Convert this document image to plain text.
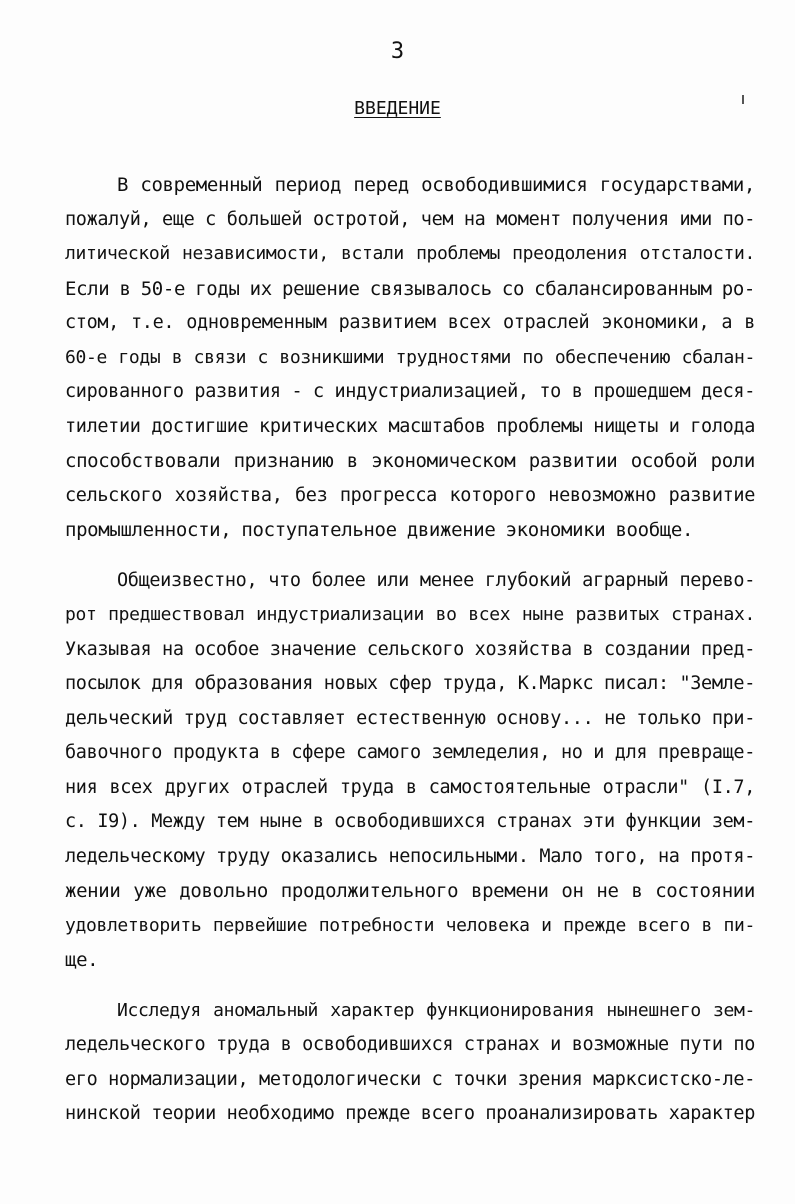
3
ВВЕДЕНИЕ
В современный период перед освободившимися государствами,
пожалуй, еще с большей остротой, чем на момент получения ими по-
литической независимости, встали проблемы преодоления отсталости.
Если в 50-е годы их решение связывалось со сбалансированным ро-
стом, т.е. одновременным развитием всех отраслей экономики, а в
60-е годы в связи с возникшими трудностями по обеспечению сбалан-
сированного развития - с индустриализацией, то в прошедшем деся-
тилетии достигшие критических масштабов проблемы нищеты и голода
способствовали признанию в экономическом развитии особой роли
сельского хозяйства, без прогресса которого невозможно развитие
промышленности, поступательное движение экономики вообще.
Общеизвестно, что более или менее глубокий аграрный перево-
рот предшествовал индустриализации во всех ныне развитых странах.
Указывая на особое значение сельского хозяйства в создании пред-
посылок для образования новых сфер труда, К.Маркс писал: "Земле-
дельческий труд составляет естественную основу... не только при-
бавочного продукта в сфере самого земледелия, но и для превраще-
ния всех других отраслей труда в самостоятельные отрасли" (I.7,
с. I9). Между тем ныне в освободившихся странах эти функции зем-
ледельческому труду оказались непосильными. Мало того, на протя-
жении уже довольно продолжительного времени он не в состоянии
удовлетворить первейшие потребности человека и прежде всего в пи-
ще.
Исследуя аномальный характер функционирования нынешнего зем-
ледельческого труда в освободившихся странах и возможные пути по
его нормализации, методологически с точки зрения марксистско-ле-
нинской теории необходимо прежде всего проанализировать характер
